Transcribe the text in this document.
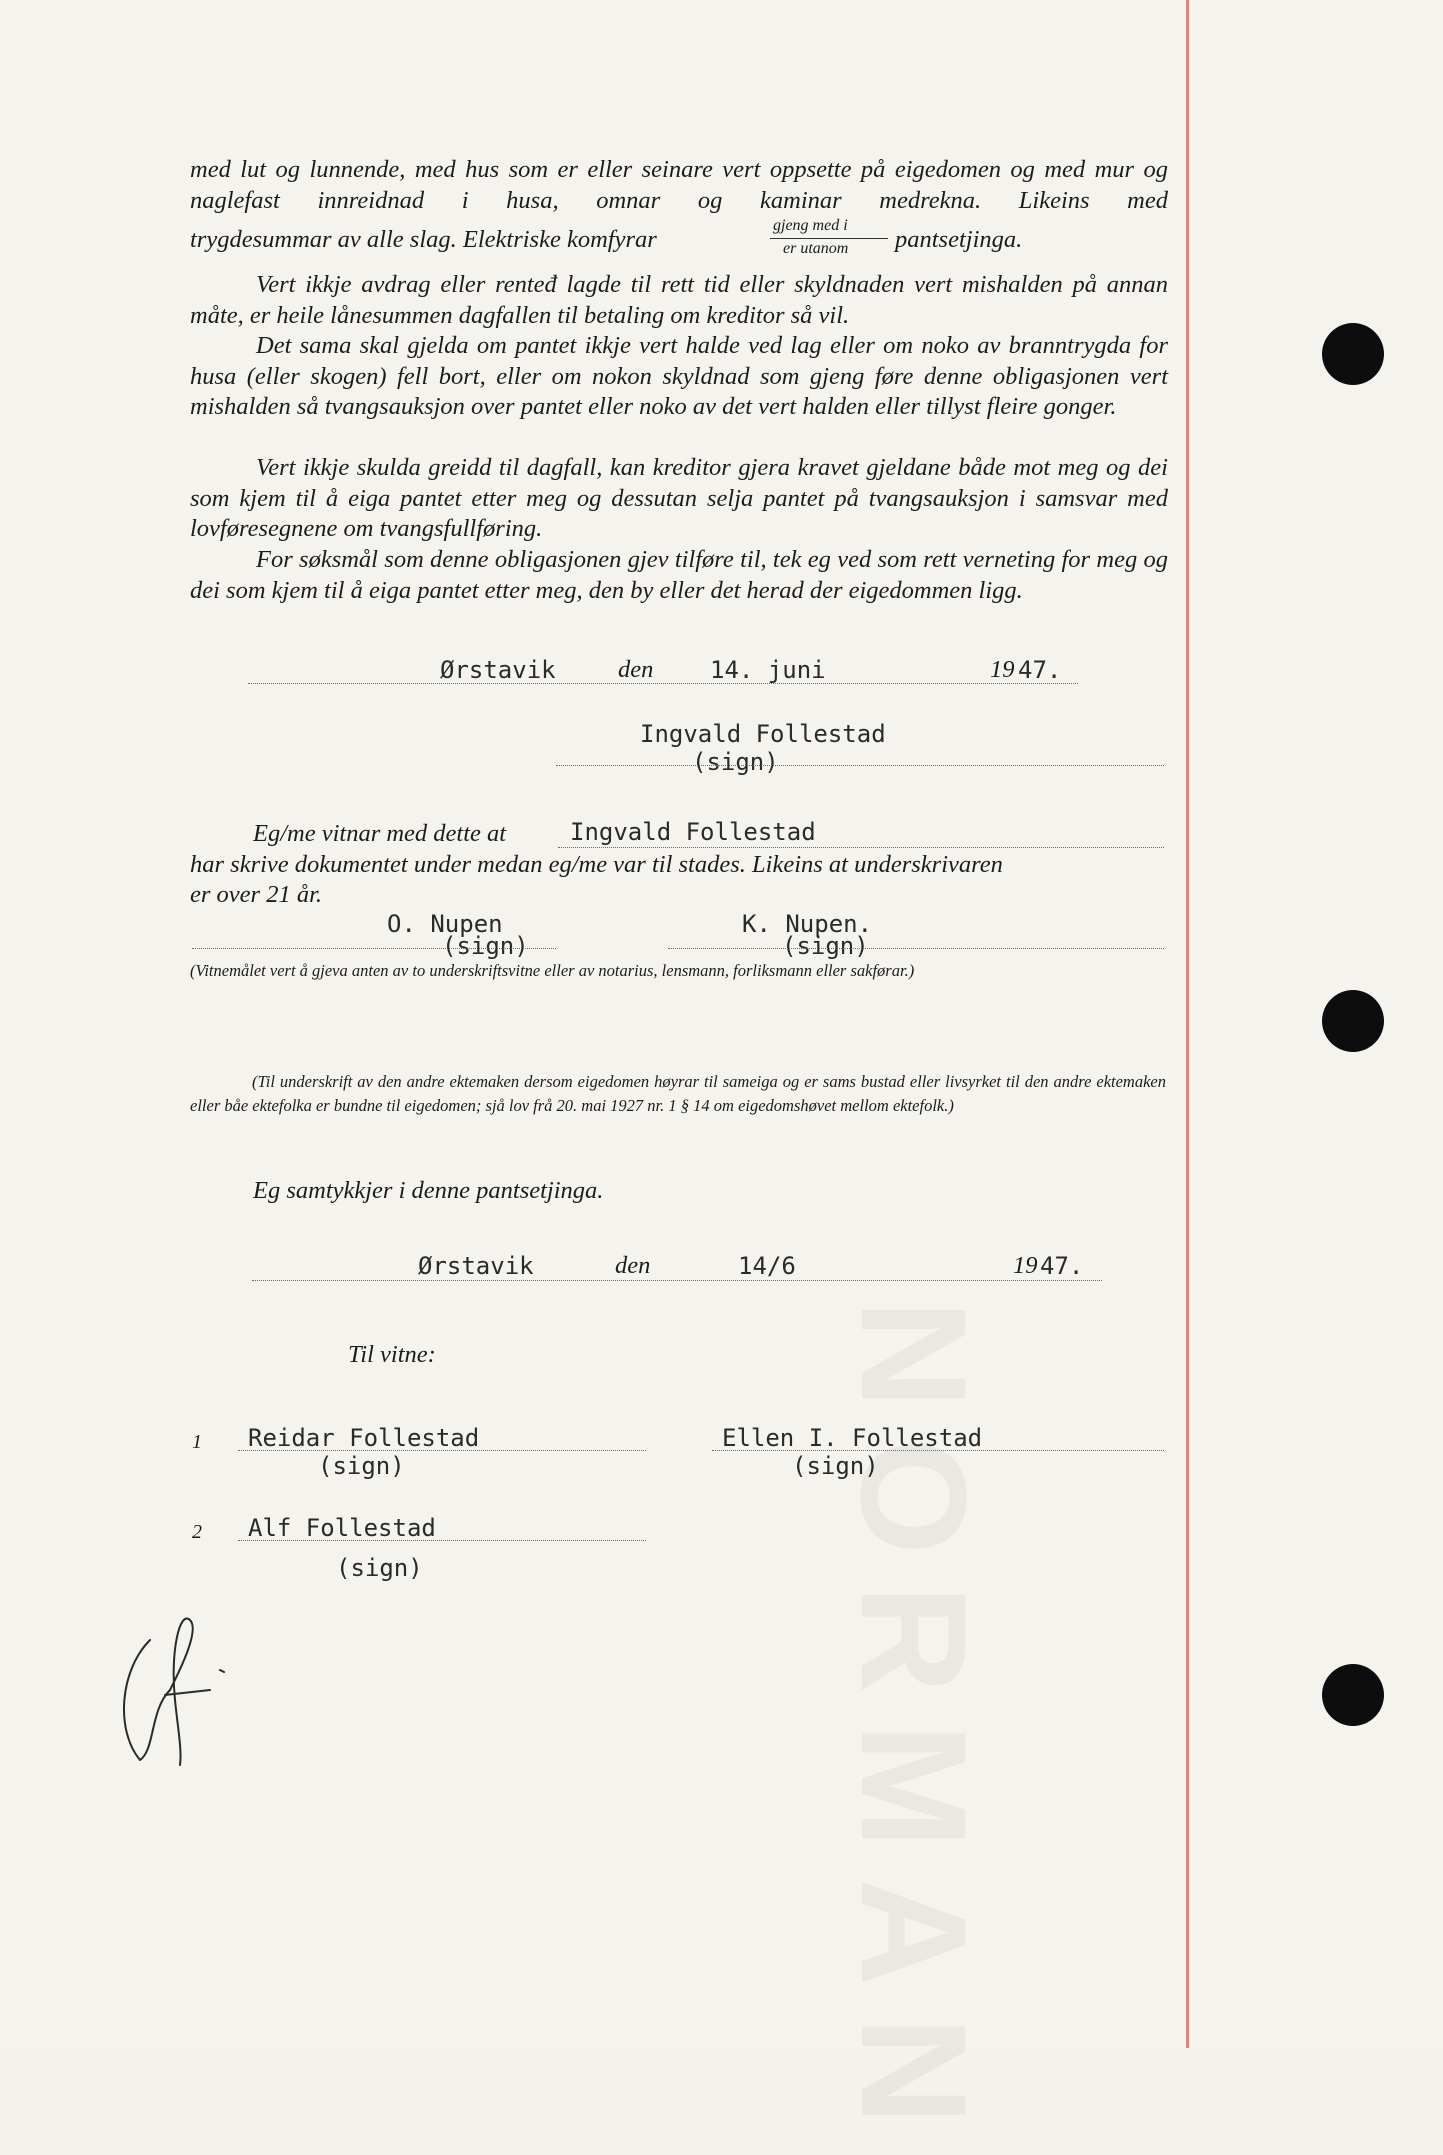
med lut og lunnende, med hus som er eller seinare vert oppsette på eigedomen og med mur og naglefast innreidnad i husa, omnar og kaminar medrekna. Likeins med

trygdesummar av alle slag. Elektriske komfyrar
gjeng med i
er utanom pantsetjinga.

Vert ikkje avdrag eller renteđ lagde til rett tid eller skyldnaden vert mishalden på annan måte, er heile lånesummen dagfallen til betaling om kreditor så vil.

Det sama skal gjelda om pantet ikkje vert halde ved lag eller om noko av branntrygda for husa (eller skogen) fell bort, eller om nokon skyldnad som gjeng føre denne obligasjonen vert mishalden så tvangsauksjon over pantet eller noko av det vert halden eller tillyst fleire gonger.

Vert ikkje skulda greidd til dagfall, kan kreditor gjera kravet gjeldane både mot meg og dei som kjem til å eiga pantet etter meg og dessutan selja pantet på tvangsauksjon i samsvar med lovføresegnene om tvangsfullføring.

For søksmål som denne obligasjonen gjev tilføre til, tek eg ved som rett verneting for meg og dei som kjem til å eiga pantet etter meg, den by eller det herad der eigedommen ligg.

Ørstavik	den 14. juni	19 47.
Ingvald Follestad
(sign)
Eg/me vitnar med dette at	Ingvald Follestad
har skrive dokumentet under medan eg/me var til stades. Likeins at underskrivaren
er over 21 år.
O. Nupen
(sign)
K. Nupen.
(sign)
(Vitnemålet vert å gjeva anten av to underskriftsvitne eller av notarius, lensmann, forliksmann eller sakførar.)
(Til underskrift av den andre ektemaken dersom eigedomen høyrar til sameiga og er sams bustad eller livsyrket til den andre ektemaken eller båe ektefolka er bundne til eigedomen; sjå lov frå 20. mai 1927 nr. 1 § 14 om eigedomshøvet mellom ektefolk.)
Eg samtykkjer i denne pantsetjinga.
Ørstavik	den	14/6	19 47.
Til vitne:
1 Reidar Follestad
(sign)
Ellen I. Follestad
(sign)
2 Alf Follestad
(sign)
